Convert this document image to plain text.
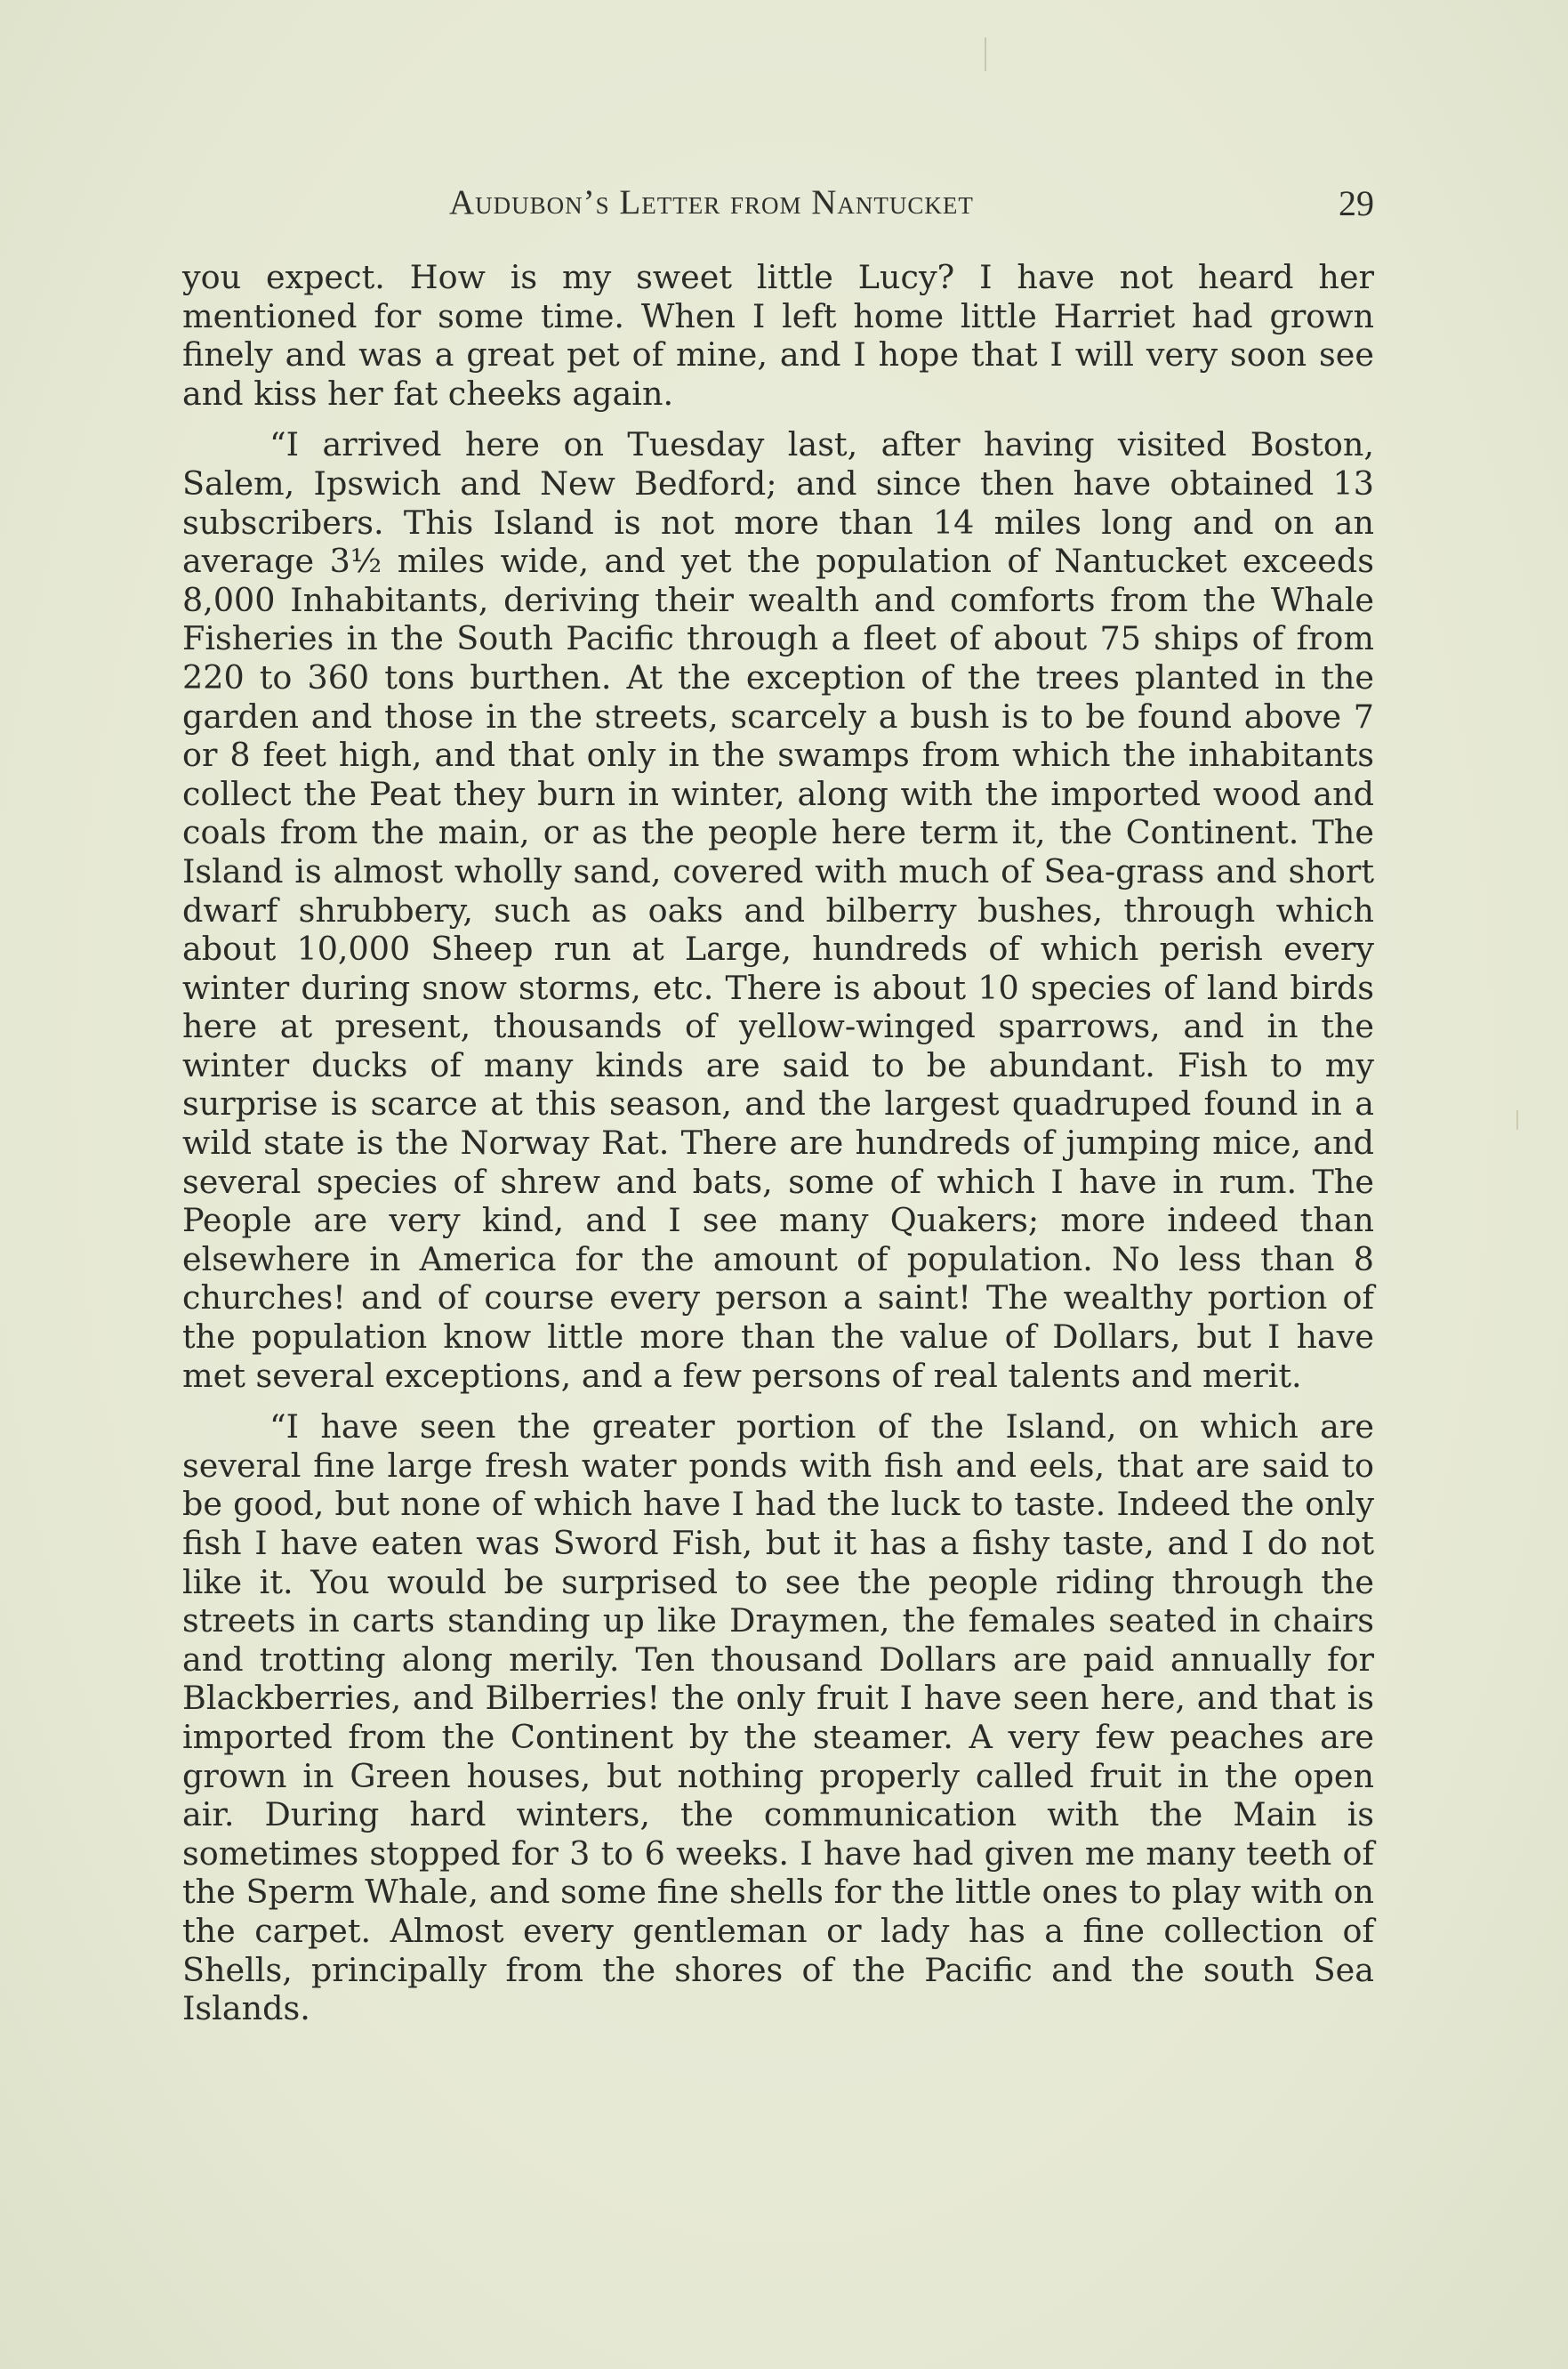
Audubon’s Letter from Nantucket	29

you expect. How is my sweet little Lucy? I have not heard her mentioned for some time. When I left home little Harriet had grown finely and was a great pet of mine, and I hope that I will very soon see and kiss her fat cheeks again.

“I arrived here on Tuesday last, after having visited Boston, Salem, Ipswich and New Bedford; and since then have obtained 13 subscribers. This Island is not more than 14 miles long and on an average 3½ miles wide, and yet the population of Nantucket exceeds 8,000 Inhabitants, deriving their wealth and comforts from the Whale Fisheries in the South Pacific through a fleet of about 75 ships of from 220 to 360 tons burthen. At the exception of the trees planted in the garden and those in the streets, scarcely a bush is to be found above 7 or 8 feet high, and that only in the swamps from which the inhabitants collect the Peat they burn in winter, along with the imported wood and coals from the main, or as the people here term it, the Continent. The Island is almost wholly sand, covered with much of Sea-grass and short dwarf shrubbery, such as oaks and bilberry bushes, through which about 10,000 Sheep run at Large, hundreds of which perish every winter during snow storms, etc. There is about 10 species of land birds here at present, thousands of yellow-winged sparrows, and in the winter ducks of many kinds are said to be abundant. Fish to my surprise is scarce at this season, and the largest quadruped found in a wild state is the Norway Rat. There are hundreds of jumping mice, and several species of shrew and bats, some of which I have in rum. The People are very kind, and I see many Quakers; more indeed than elsewhere in America for the amount of population. No less than 8 churches! and of course every person a saint! The wealthy portion of the population know little more than the value of Dollars, but I have met several exceptions, and a few persons of real talents and merit.

“I have seen the greater portion of the Island, on which are several fine large fresh water ponds with fish and eels, that are said to be good, but none of which have I had the luck to taste. Indeed the only fish I have eaten was Sword Fish, but it has a fishy taste, and I do not like it. You would be surprised to see the people riding through the streets in carts standing up like Draymen, the females seated in chairs and trotting along merily. Ten thousand Dollars are paid annually for Blackberries, and Bilberries! the only fruit I have seen here, and that is imported from the Continent by the steamer. A very few peaches are grown in Green houses, but nothing properly called fruit in the open air. During hard winters, the communication with the Main is sometimes stopped for 3 to 6 weeks. I have had given me many teeth of the Sperm Whale, and some fine shells for the little ones to play with on the carpet. Almost every gentleman or lady has a fine collection of Shells, principally from the shores of the Pacific and the south Sea Islands.
